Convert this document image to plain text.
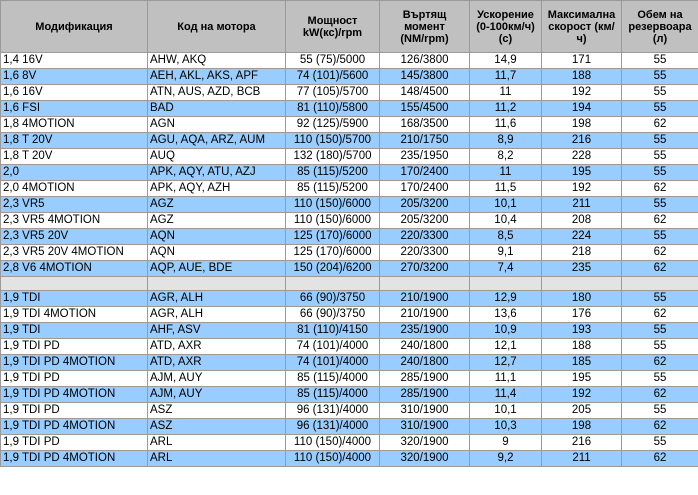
Модификация	Код на мотора	Мощност kW(кс)/rpm	Въртящ момент (NM/rpm)	Ускорение (0-100км/ч) (с)	Максимална скорост (км/ч)	Обем на резервоара (л)
1,4 16V	AHW, AKQ	55 (75)/5000	126/3800	14,9	171	55
1,6 8V	AEH, AKL, AKS, APF	74 (101)/5600	145/3800	11,7	188	55
1,6 16V	ATN, AUS, AZD, BCB	77 (105)/5700	148/4500	11	192	55
1,6 FSI	BAD	81 (110)/5800	155/4500	11,2	194	55
1,8 4MOTION	AGN	92 (125)/5900	168/3500	11,6	198	62
1,8 T 20V	AGU, AQA, ARZ, AUM	110 (150)/5700	210/1750	8,9	216	55
1,8 T 20V	AUQ	132 (180)/5700	235/1950	8,2	228	55
2,0	APK, AQY, ATU, AZJ	85 (115)/5200	170/2400	11	195	55
2,0 4MOTION	APK, AQY, AZH	85 (115)/5200	170/2400	11,5	192	62
2,3 VR5	AGZ	110 (150)/6000	205/3200	10,1	211	55
2,3 VR5 4MOTION	AGZ	110 (150)/6000	205/3200	10,4	208	62
2,3 VR5 20V	AQN	125 (170)/6000	220/3300	8,5	224	55
2,3 VR5 20V 4MOTION	AQN	125 (170)/6000	220/3300	9,1	218	62
2,8 V6 4MOTION	AQP, AUE, BDE	150 (204)/6200	270/3200	7,4	235	62

1,9 TDI	AGR, ALH	66 (90)/3750	210/1900	12,9	180	55
1,9 TDI 4MOTION	AGR, ALH	66 (90)/3750	210/1900	13,6	176	62
1,9 TDI	AHF, ASV	81 (110)/4150	235/1900	10,9	193	55
1,9 TDI PD	ATD, AXR	74 (101)/4000	240/1800	12,1	188	55
1,9 TDI PD 4MOTION	ATD, AXR	74 (101)/4000	240/1800	12,7	185	62
1,9 TDI PD	AJM, AUY	85 (115)/4000	285/1900	11,1	195	55
1,9 TDI PD 4MOTION	AJM, AUY	85 (115)/4000	285/1900	11,4	192	62
1,9 TDI PD	ASZ	96 (131)/4000	310/1900	10,1	205	55
1,9 TDI PD 4MOTION	ASZ	96 (131)/4000	310/1900	10,3	198	62
1,9 TDI PD	ARL	110 (150)/4000	320/1900	9	216	55
1,9 TDI PD 4MOTION	ARL	110 (150)/4000	320/1900	9,2	211	62
